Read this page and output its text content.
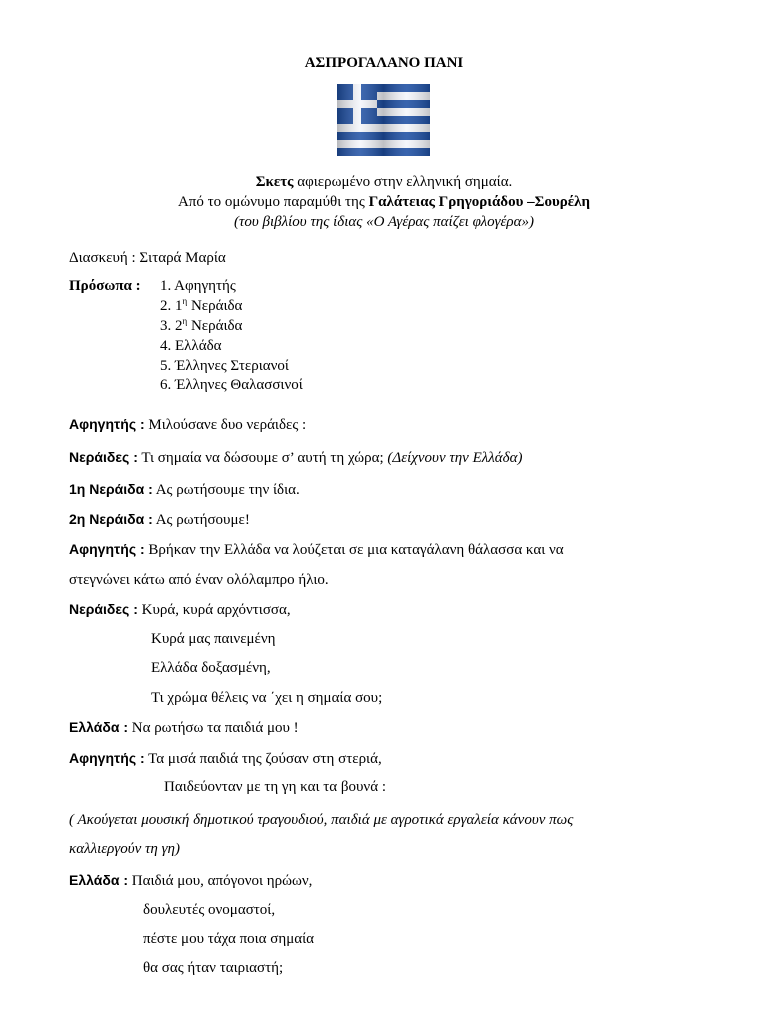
ΑΣΠΡΟΓΑΛΑΝΟ ΠΑΝΙ
Σκετς αφιερωμένο στην ελληνική σημαία.
Από το ομώνυμο παραμύθι της Γαλάτειας Γρηγοριάδου –Σουρέλη
(του βιβλίου της ίδιας «Ο Αγέρας παίζει φλογέρα»)
Διασκευή : Σιταρά Μαρία
Πρόσωπα : 1. Αφηγητής
2. $1^\eta$ Νεράιδα
3. $2^\eta$ Νεράιδα
4. Ελλάδα
5. Έλληνες Στεριανοί
6. Έλληνες Θαλασσινοί
Αφηγητής : Μιλούσανε δυο νεράιδες :
Νεράιδες : Τι σημαία να δώσουμε σ’ αυτή τη χώρα; (Δείχνουν την Ελλάδα)
1η Νεράιδα : Ας ρωτήσουμε την ίδια.
2η Νεράιδα : Ας ρωτήσουμε!
Αφηγητής : Βρήκαν την Ελλάδα να λούζεται σε μια καταγάλανη θάλασσα και να
στεγνώνει κάτω από έναν ολόλαμπρο ήλιο.
Νεράιδες : Κυρά, κυρά αρχόντισσα,
Κυρά μας παινεμένη
Ελλάδα δοξασμένη,
Τι χρώμα θέλεις να ΄χει η σημαία σου;
Ελλάδα : Να ρωτήσω τα παιδιά μου !
Αφηγητής : Τα μισά παιδιά της ζούσαν στη στεριά,
Παιδεύονταν με τη γη και τα βουνά :
( Ακούγεται μουσική δημοτικού τραγουδιού, παιδιά με αγροτικά εργαλεία κάνουν πως
καλλιεργούν τη γη)
Ελλάδα : Παιδιά μου, απόγονοι ηρώων,
δουλευτές ονομαστοί,
πέστε μου τάχα ποια σημαία
θα σας ήταν ταιριαστή;
